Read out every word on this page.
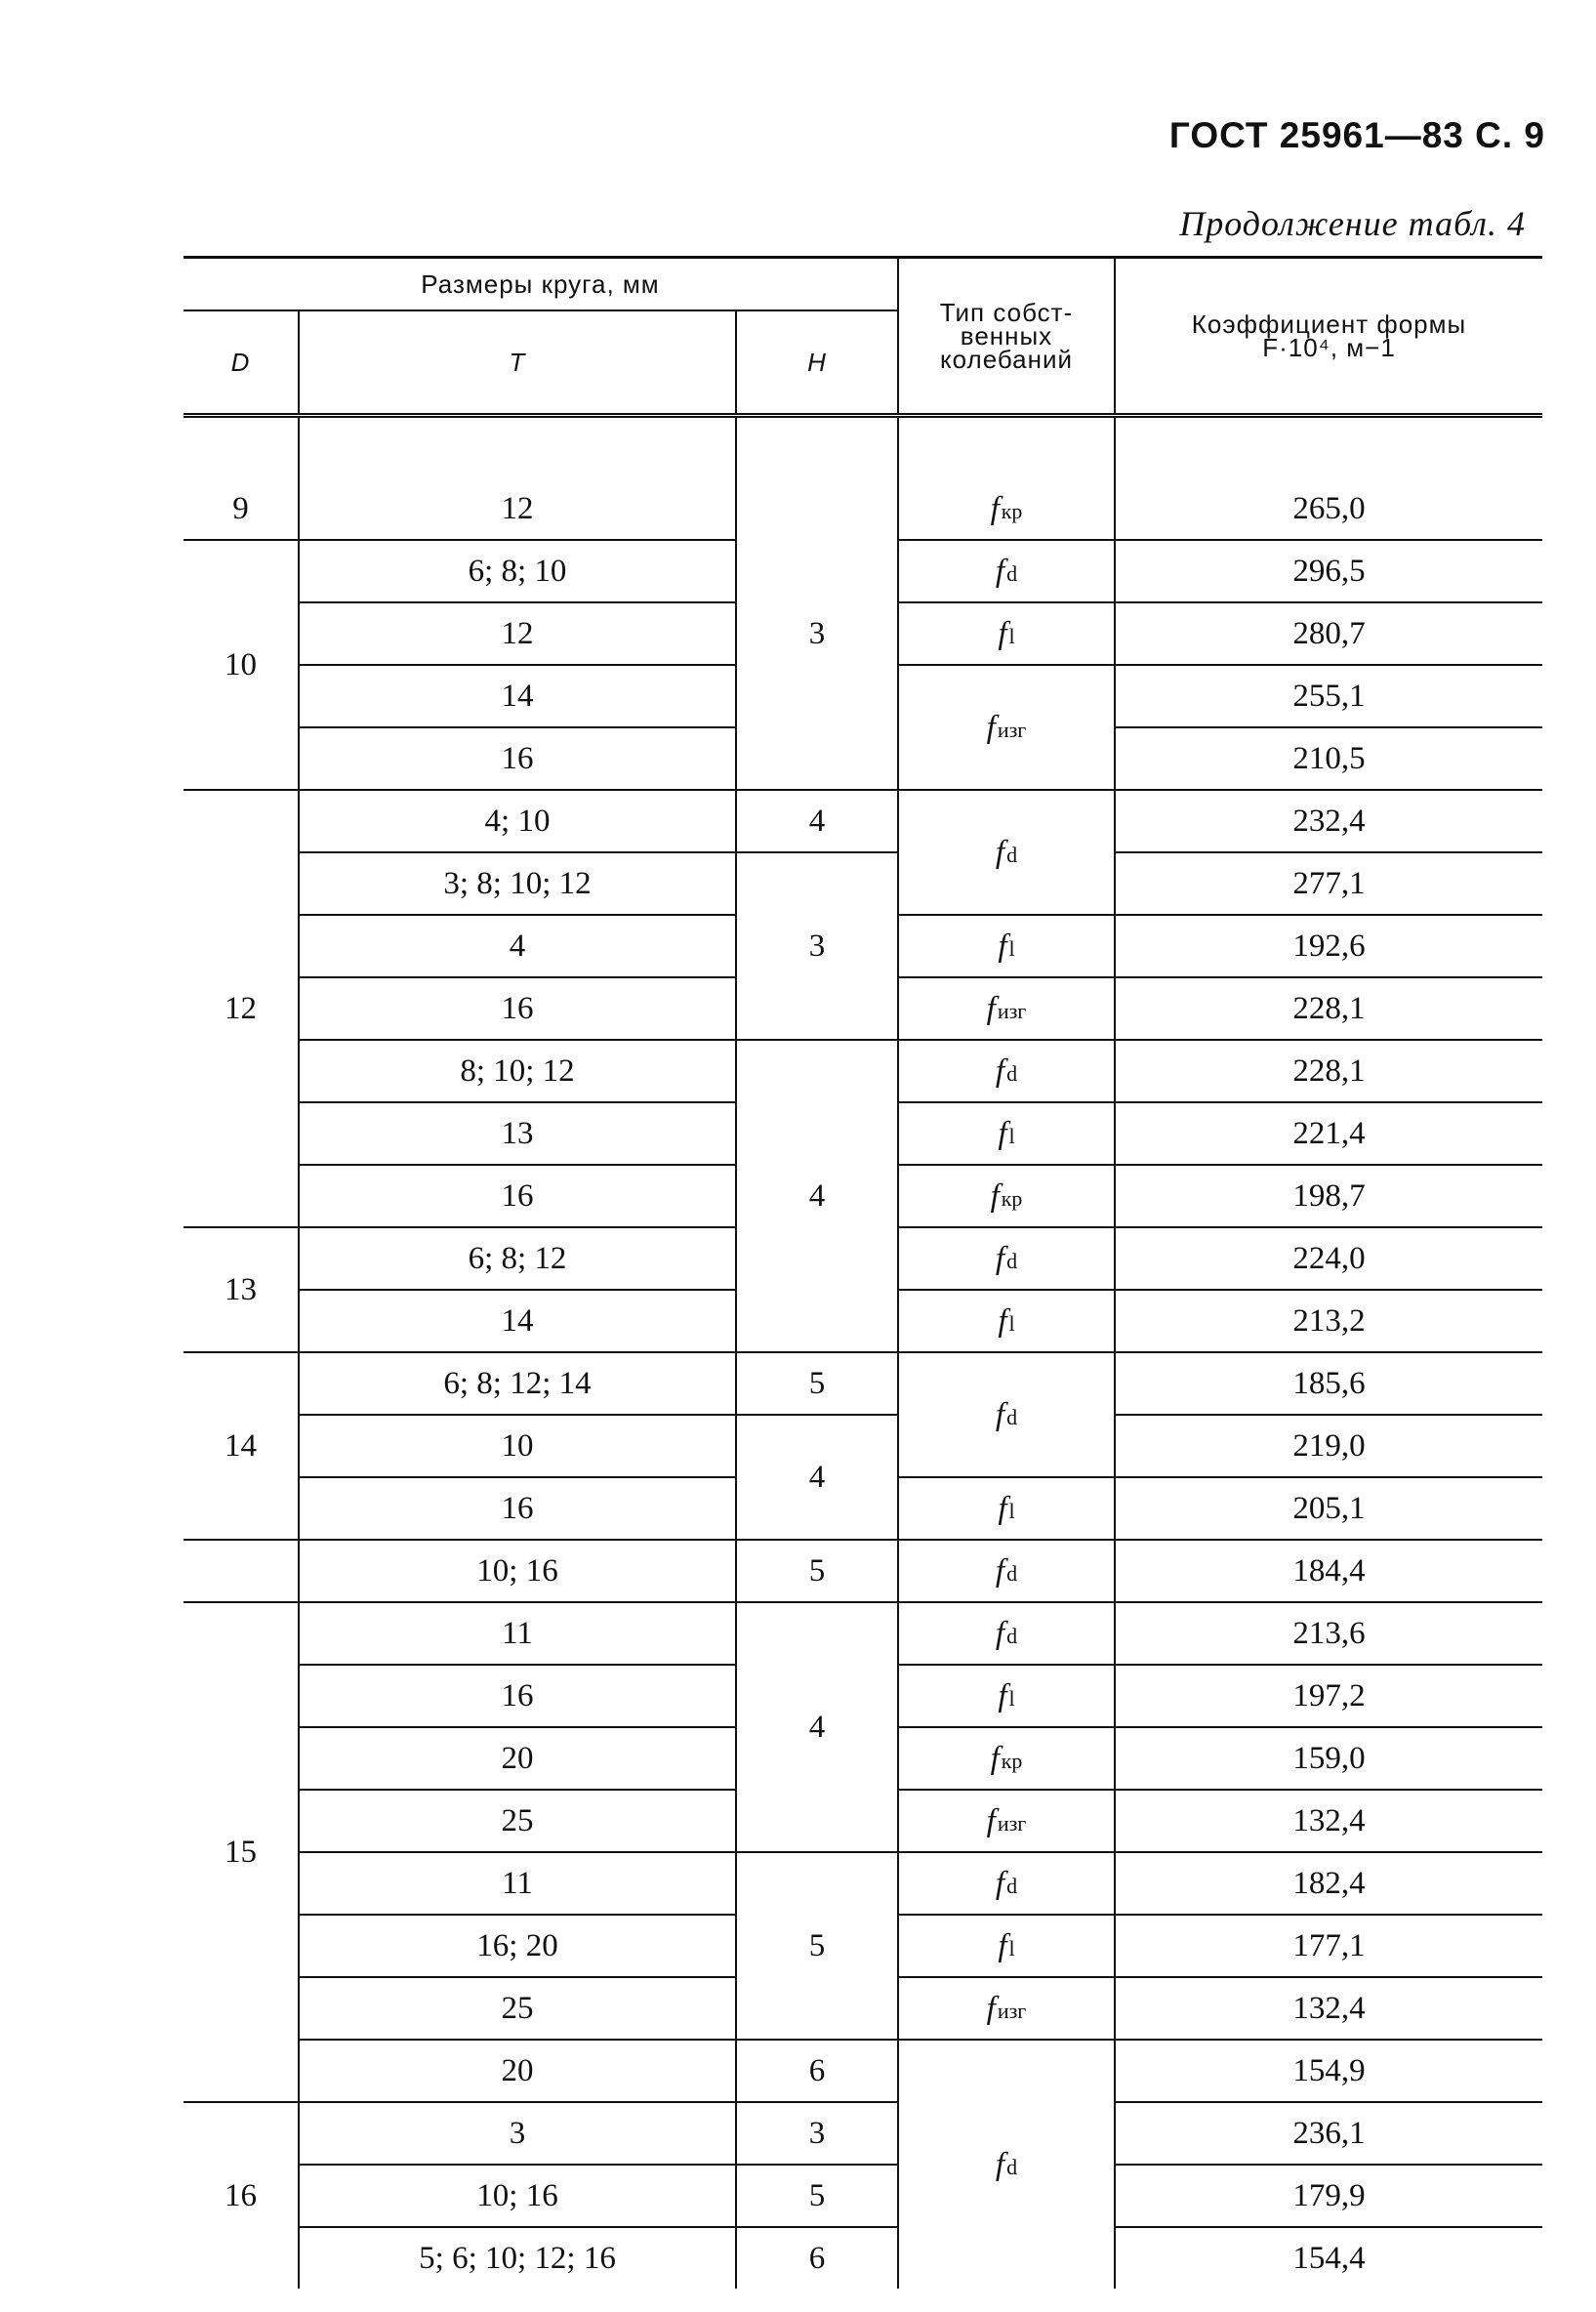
ГОСТ 25961—83 С. 9
Продолжение табл. 4
Размеры круга, мм			Тип собст- венных колебаний	Коэффициент формы
F·10⁴, м−1
D	T	H		

9	12	3	fкр	265,0
10	6; 8; 10		fd	296,5
	12		fl	280,7
	14		fизг	255,1
	16			210,5
12	4; 10	4	fd	232,4
	3; 8; 10; 12	3		277,1
	4		fl	192,6
	16		fизг	228,1
	8; 10; 12	4	fd	228,1
	13		fl	221,4
	16		fкр	198,7
13	6; 8; 12		fd	224,0
	14		fl	213,2
14	6; 8; 12; 14	5	fd	185,6
	10	4		219,0
	16		fl	205,1
	10; 16	5	fd	184,4
15	11	4	fd	213,6
	16		fl	197,2
	20		fкр	159,0
	25		fизг	132,4
	11	5	fd	182,4
	16; 20		fl	177,1
	25		fизг	132,4
	20	6	fd	154,9
16	3	3		236,1
	10; 16	5		179,9
	5; 6; 10; 12; 16	6		154,4
